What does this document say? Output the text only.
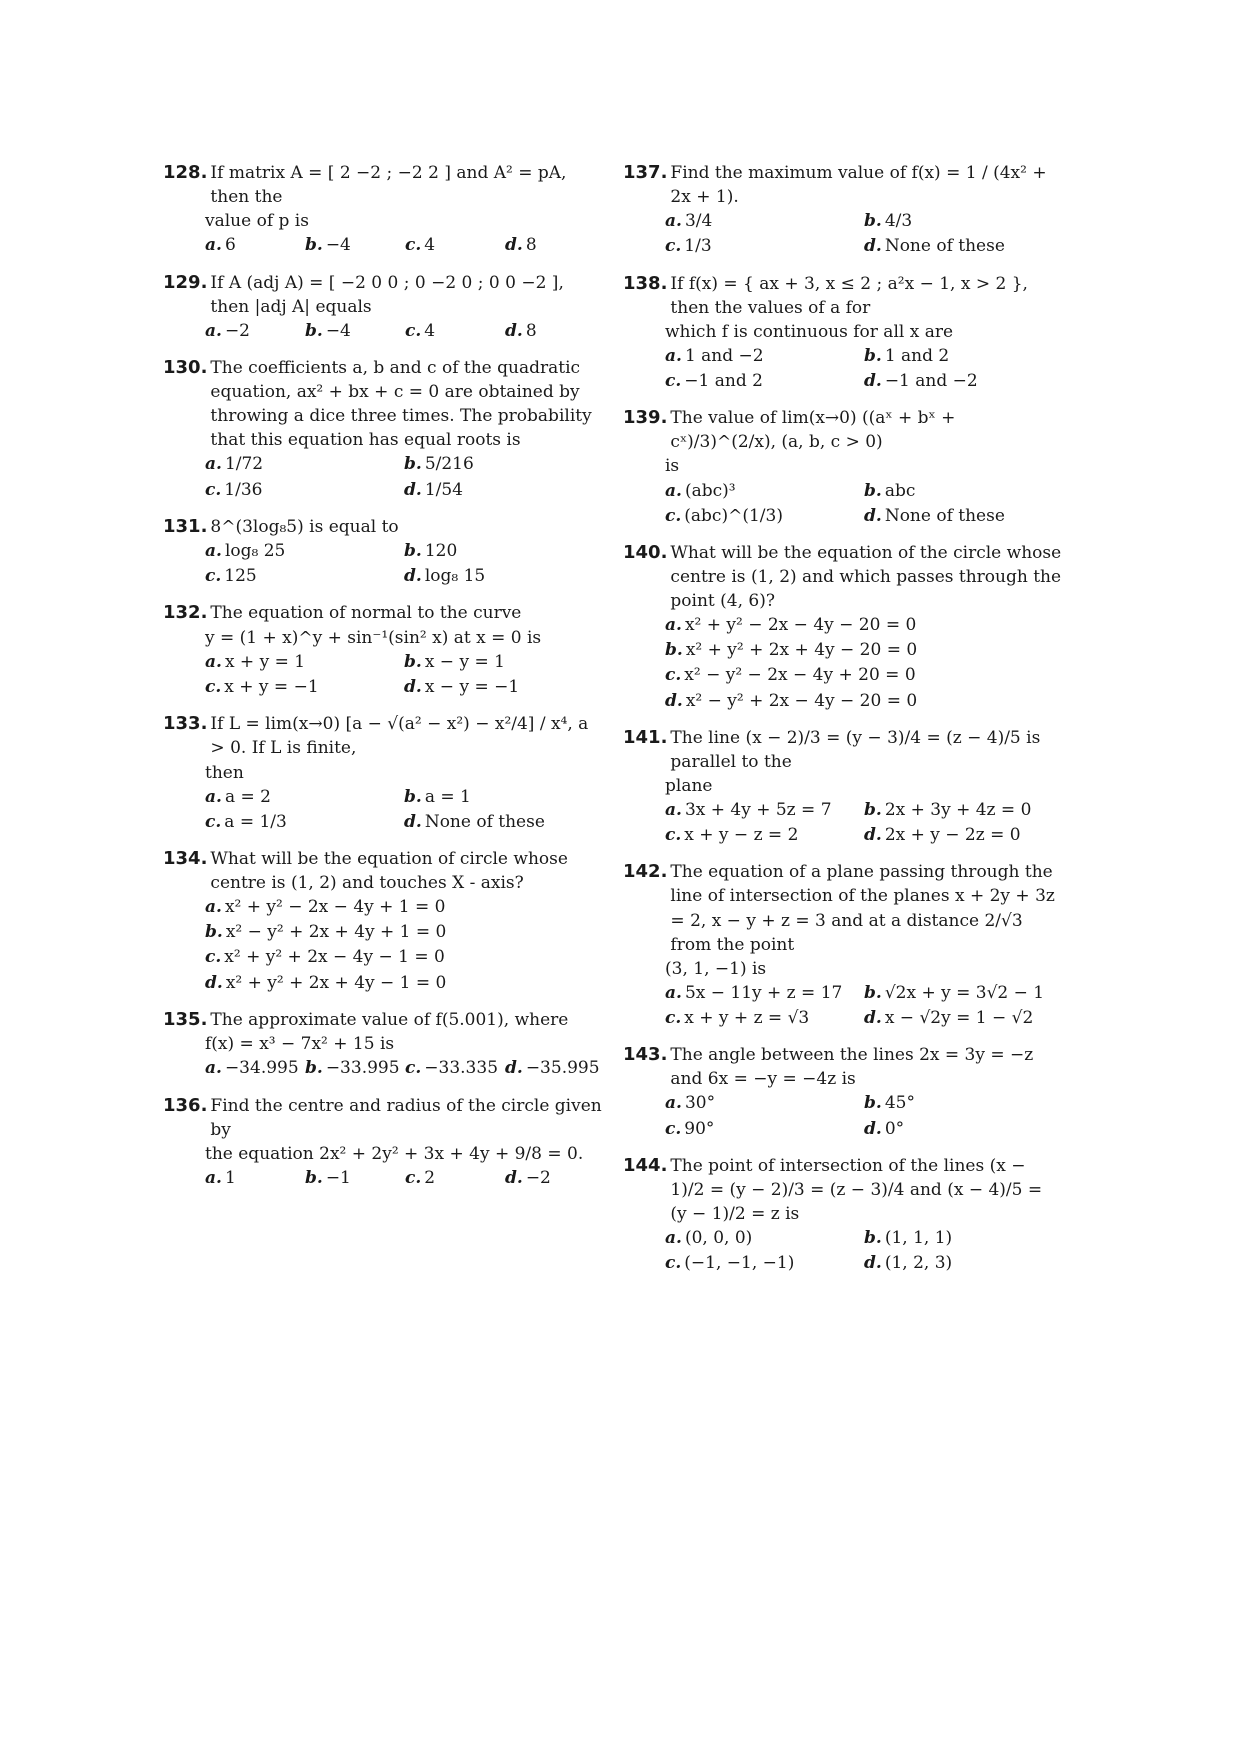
128. If matrix A = [ 2 −2 ; −2 2 ] and A² = pA, then the
value of p is
a. 6	b. −4	c. 4	d. 8
129. If A (adj A) = [ −2 0 0 ; 0 −2 0 ; 0 0 −2 ], then |adj A| equals
a. −2	b. −4	c. 4	d. 8
130. The coefficients a, b and c of the quadratic equation, ax² + bx + c = 0 are obtained by throwing a dice three times. The probability that this equation has equal roots is
a. 1/72	b. 5/216
c. 1/36	d. 1/54
131. 8^(3log₈5) is equal to
a. log₈ 25	b. 120
c. 125	d. log₈ 15
132. The equation of normal to the curve
y = (1 + x)^y + sin⁻¹(sin² x) at x = 0 is
a. x + y = 1	b. x − y = 1
c. x + y = −1	d. x − y = −1
133. If L = lim(x→0) [a − √(a² − x²) − x²/4] / x⁴, a > 0. If L is finite,
then
a. a = 2	b. a = 1
c. a = 1/3	d. None of these
134. What will be the equation of circle whose centre is (1, 2) and touches X - axis?
a. x² + y² − 2x − 4y + 1 = 0
b. x² − y² + 2x + 4y + 1 = 0
c. x² + y² + 2x − 4y − 1 = 0
d. x² + y² + 2x + 4y − 1 = 0
135. The approximate value of f(5.001), where
f(x) = x³ − 7x² + 15 is
a. −34.995 b. −33.995 c. −33.335 d. −35.995
136. Find the centre and radius of the circle given by
the equation 2x² + 2y² + 3x + 4y + 9/8 = 0.
a. 1	b. −1	c. 2	d. −2
137. Find the maximum value of f(x) = 1 / (4x² + 2x + 1).
a. 3/4	b. 4/3
c. 1/3	d. None of these
138. If f(x) = { ax + 3, x ≤ 2 ; a²x − 1, x > 2 }, then the values of a for
which f is continuous for all x are
a. 1 and −2	b. 1 and 2
c. −1 and 2	d. −1 and −2
139. The value of lim(x→0) ((aˣ + bˣ + cˣ)/3)^(2/x), (a, b, c > 0)
is
a. (abc)³	b. abc
c. (abc)^(1/3)	d. None of these
140. What will be the equation of the circle whose centre is (1, 2) and which passes through the point (4, 6)?
a. x² + y² − 2x − 4y − 20 = 0
b. x² + y² + 2x + 4y − 20 = 0
c. x² − y² − 2x − 4y + 20 = 0
d. x² − y² + 2x − 4y − 20 = 0
141. The line (x − 2)/3 = (y − 3)/4 = (z − 4)/5 is parallel to the
plane
a. 3x + 4y + 5z = 7	b. 2x + 3y + 4z = 0
c. x + y − z = 2	d. 2x + y − 2z = 0
142. The equation of a plane passing through the line of intersection of the planes x + 2y + 3z = 2, x − y + z = 3 and at a distance 2/√3 from the point
(3, 1, −1) is
a. 5x − 11y + z = 17	b. √2x + y = 3√2 − 1
c. x + y + z = √3	d. x − √2y = 1 − √2
143. The angle between the lines 2x = 3y = −z and 6x = −y = −4z is
a. 30°	b. 45°
c. 90°	d. 0°
144. The point of intersection of the lines (x − 1)/2 = (y − 2)/3 = (z − 3)/4 and (x − 4)/5 = (y − 1)/2 = z is
a. (0, 0, 0)	b. (1, 1, 1)
c. (−1, −1, −1)	d. (1, 2, 3)
